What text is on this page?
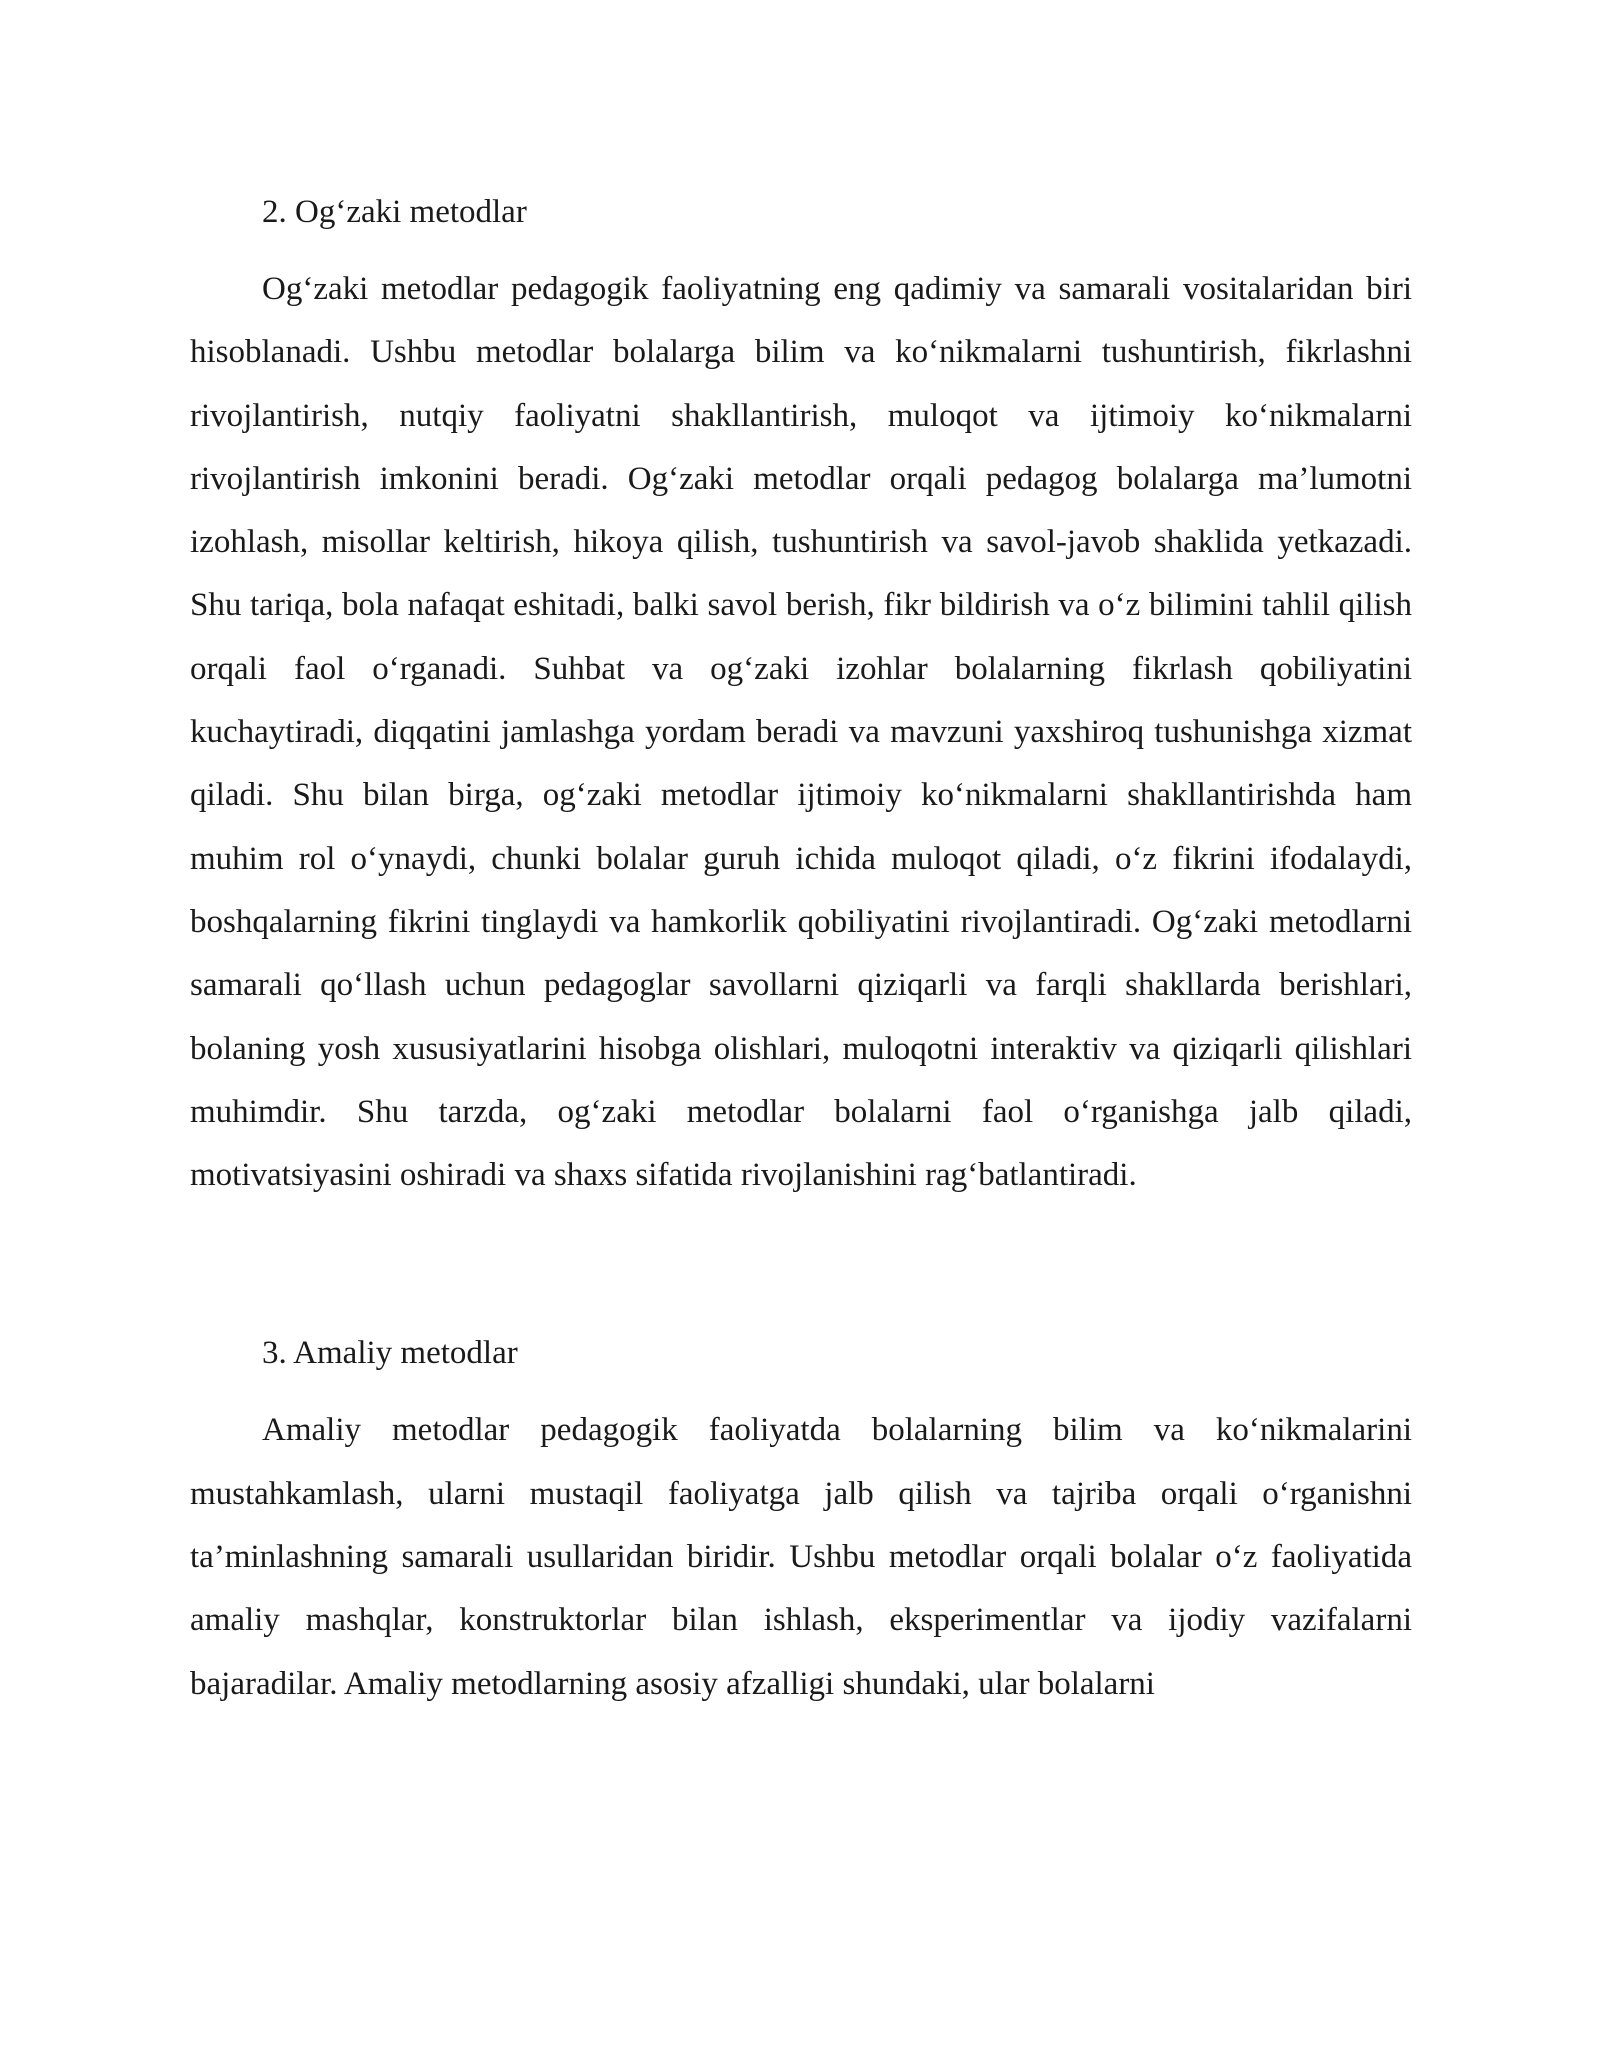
2. Og‘zaki metodlar

Og‘zaki metodlar pedagogik faoliyatning eng qadimiy va samarali vositalaridan biri hisoblanadi. Ushbu metodlar bolalarga bilim va ko‘nikmalarni tushuntirish, fikrlashni rivojlantirish, nutqiy faoliyatni shakllantirish, muloqot va ijtimoiy ko‘nikmalarni rivojlantirish imkonini beradi. Og‘zaki metodlar orqali pedagog bolalarga ma’lumotni izohlash, misollar keltirish, hikoya qilish, tushuntirish va savol-javob shaklida yetkazadi. Shu tariqa, bola nafaqat eshitadi, balki savol berish, fikr bildirish va o‘z bilimini tahlil qilish orqali faol o‘rganadi. Suhbat va og‘zaki izohlar bolalarning fikrlash qobiliyatini kuchaytiradi, diqqatini jamlashga yordam beradi va mavzuni yaxshiroq tushunishga xizmat qiladi. Shu bilan birga, og‘zaki metodlar ijtimoiy ko‘nikmalarni shakllantirishda ham muhim rol o‘ynaydi, chunki bolalar guruh ichida muloqot qiladi, o‘z fikrini ifodalaydi, boshqalarning fikrini tinglaydi va hamkorlik qobiliyatini rivojlantiradi. Og‘zaki metodlarni samarali qo‘llash uchun pedagoglar savollarni qiziqarli va farqli shakllarda berishlari, bolaning yosh xususiyatlarini hisobga olishlari, muloqotni interaktiv va qiziqarli qilishlari muhimdir. Shu tarzda, og‘zaki metodlar bolalarni faol o‘rganishga jalb qiladi, motivatsiyasini oshiradi va shaxs sifatida rivojlanishini rag‘batlantiradi.

3. Amaliy metodlar

Amaliy metodlar pedagogik faoliyatda bolalarning bilim va ko‘nikmalarini mustahkamlash, ularni mustaqil faoliyatga jalb qilish va tajriba orqali o‘rganishni ta’minlashning samarali usullaridan biridir. Ushbu metodlar orqali bolalar o‘z faoliyatida amaliy mashqlar, konstruktorlar bilan ishlash, eksperimentlar va ijodiy vazifalarni bajaradilar. Amaliy metodlarning asosiy afzalligi shundaki, ular bolalarni
